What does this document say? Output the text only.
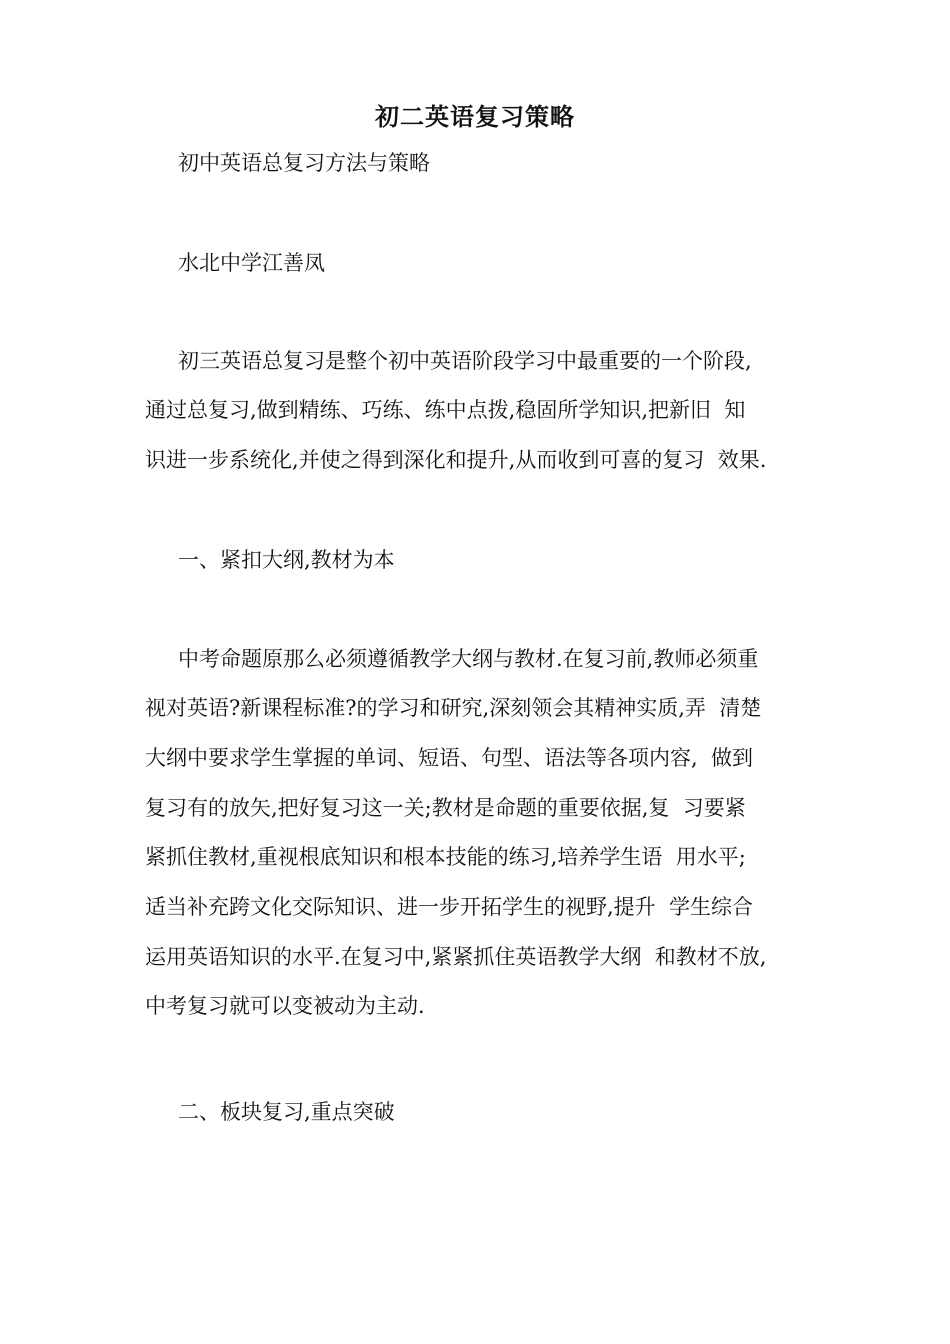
初二英语复习策略
初中英语总复习方法与策略
水北中学江善凤
初三英语总复习是整个初中英语阶段学习中最重要的一个阶段,
通过总复习,做到精练、巧练、练中点拨,稳固所学知识,把新旧  知
识进一步系统化,并使之得到深化和提升,从而收到可喜的复习  效果.
一、紧扣大纲,教材为本
中考命题原那么必须遵循教学大纲与教材.在复习前,教师必须重
视对英语?新课程标准?的学习和研究,深刻领会其精神实质,弄  清楚
大纲中要求学生掌握的单词、短语、句型、语法等各项内容,  做到
复习有的放矢,把好复习这一关;教材是命题的重要依据,复  习要紧
紧抓住教材,重视根底知识和根本技能的练习,培养学生语  用水平;
适当补充跨文化交际知识、进一步开拓学生的视野,提升  学生综合
运用英语知识的水平.在复习中,紧紧抓住英语教学大纲  和教材不放,
中考复习就可以变被动为主动.
二、板块复习,重点突破
